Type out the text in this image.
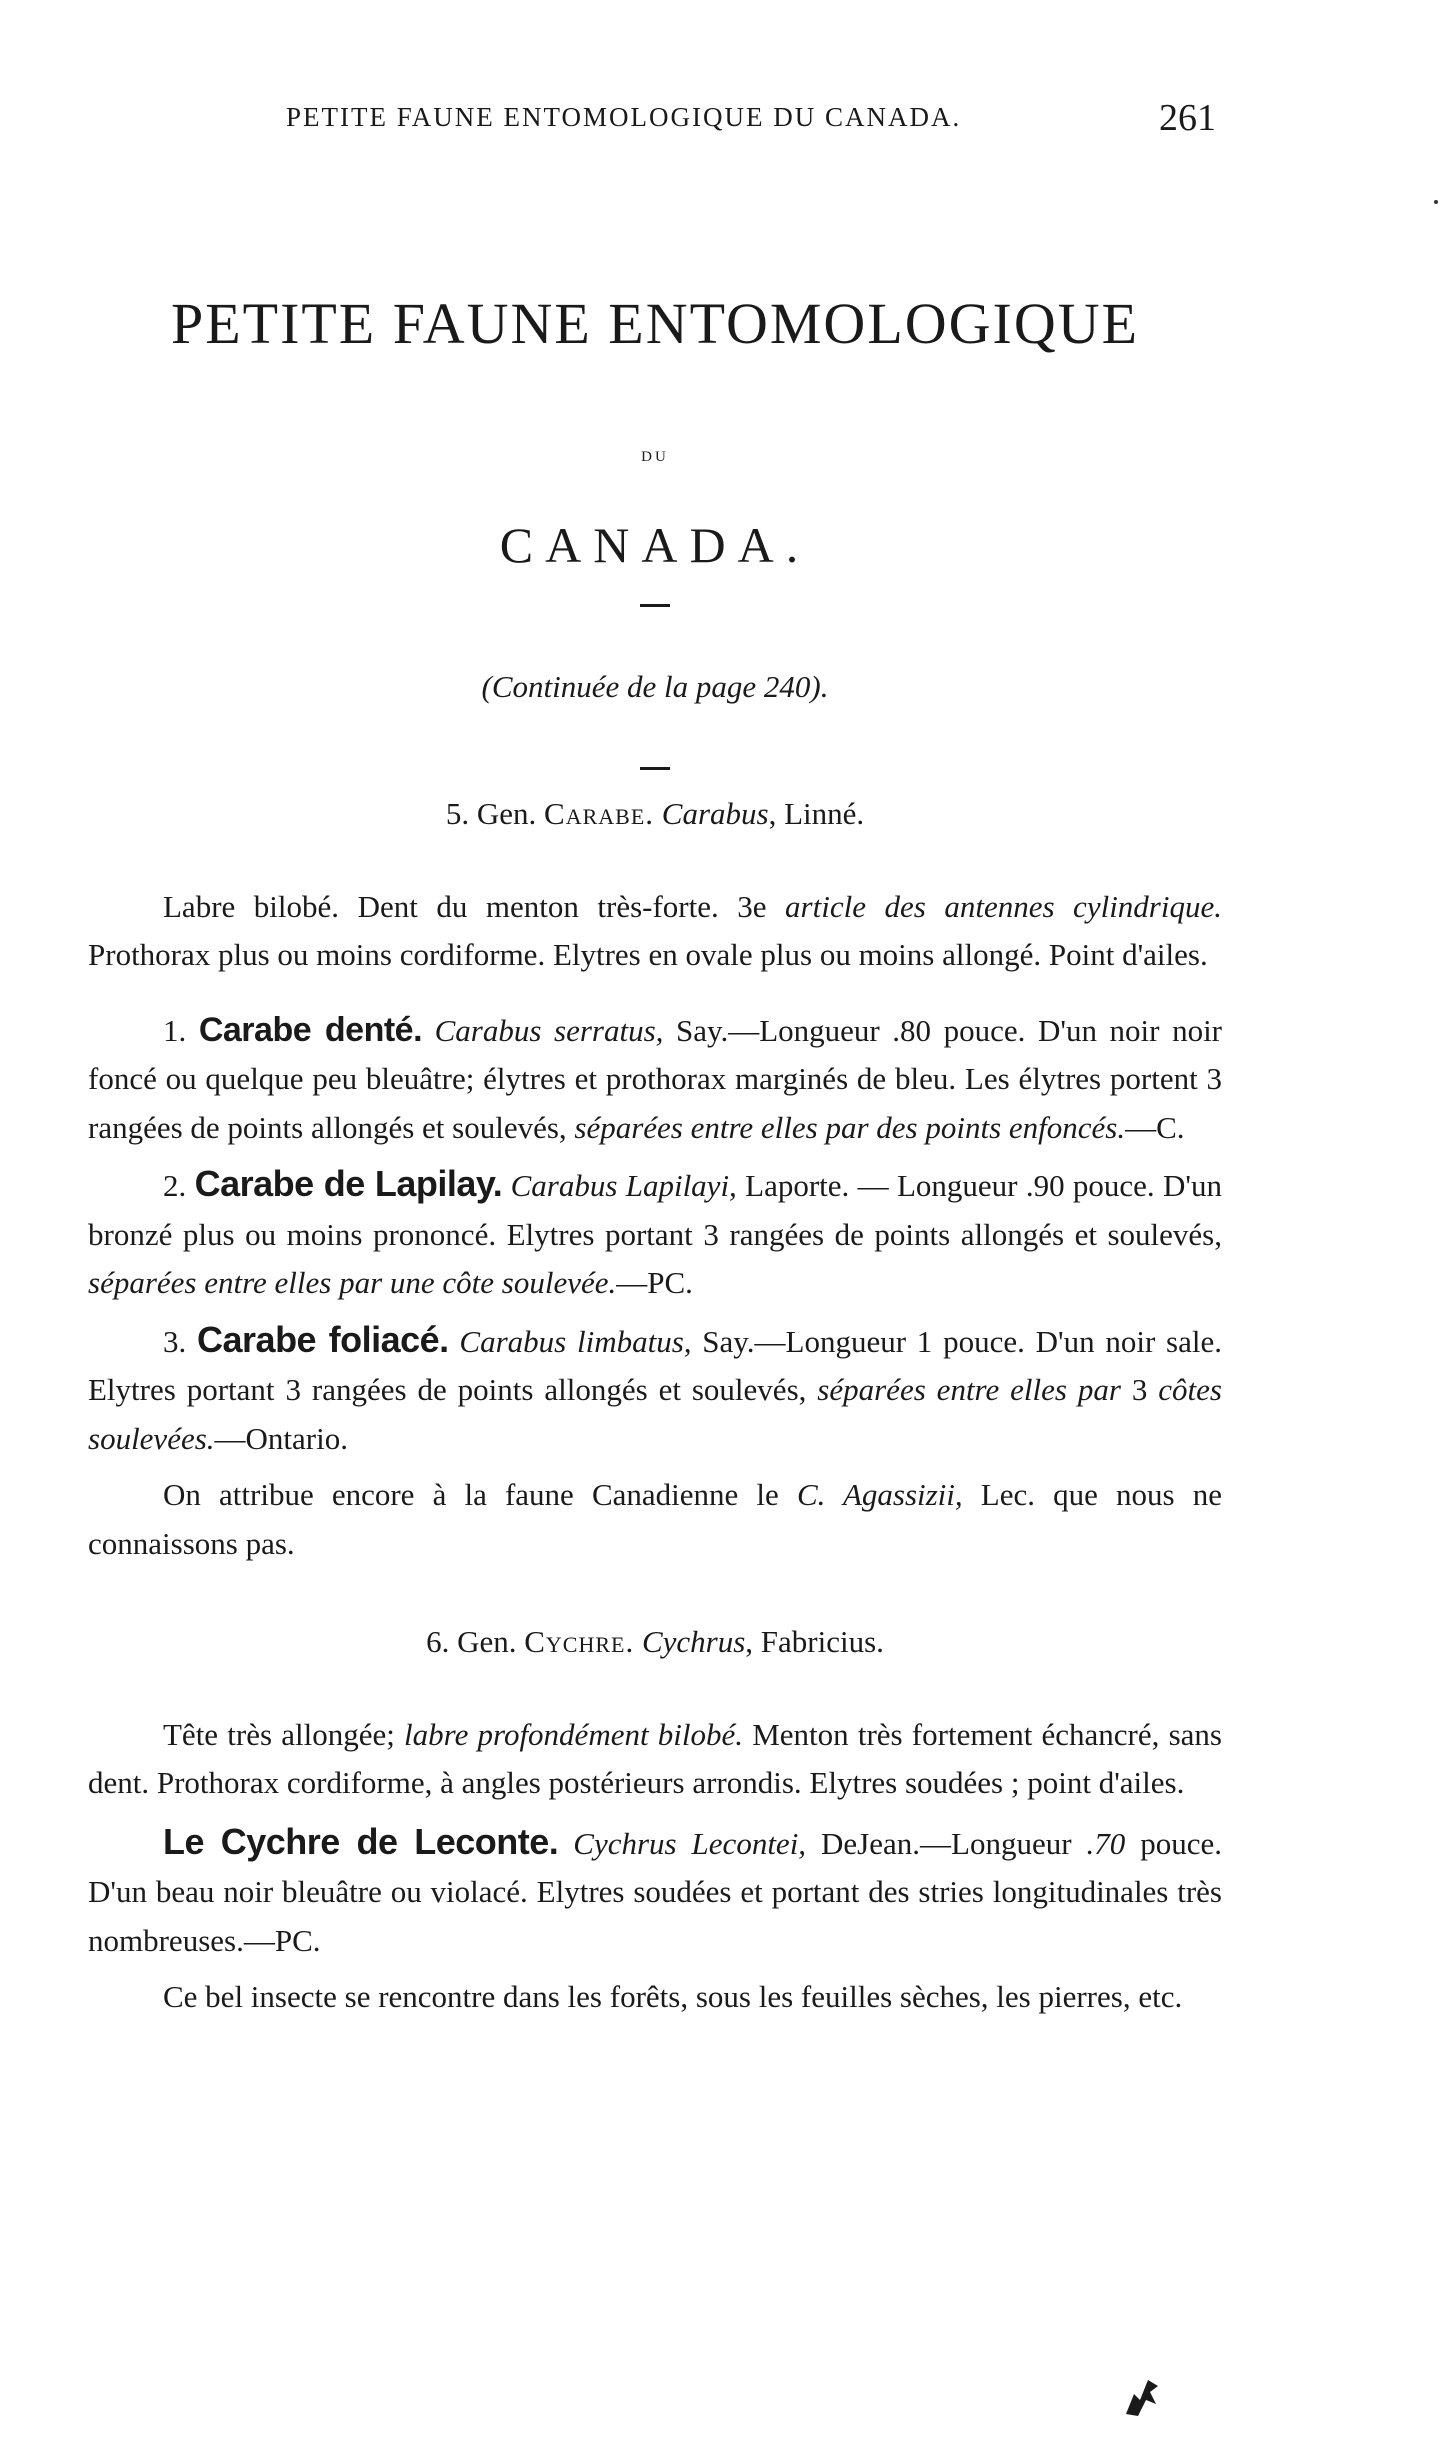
PETITE FAUNE ENTOMOLOGIQUE DU CANADA.	261
PETITE FAUNE ENTOMOLOGIQUE
DU
CANADA.
(Continuée de la page 240).
5. Gen. Carabe. Carabus, Linné.

Labre bilobé. Dent du menton très-forte. 3e article des antennes cylindrique. Prothorax plus ou moins cordiforme. Elytres en ovale plus ou moins allongé. Point d'ailes.

1. Carabe denté. Carabus serratus, Say.—Longueur .80 pouce. D'un noir noir foncé ou quelque peu bleuâtre; élytres et prothorax marginés de bleu. Les élytres portent 3 rangées de points allongés et soulevés, séparées entre elles par des points enfoncés.—C.

2. Carabe de Lapilay. Carabus Lapilayi, Laporte. — Longueur .90 pouce. D'un bronzé plus ou moins prononcé. Elytres portant 3 rangées de points allongés et soulevés, séparées entre elles par une côte soulevée.—PC.

3. Carabe foliacé. Carabus limbatus, Say.—Longueur 1 pouce. D'un noir sale. Elytres portant 3 rangées de points allongés et soulevés, séparées entre elles par 3 côtes soulevées.—Ontario.

On attribue encore à la faune Canadienne le C. Agassizii, Lec. que nous ne connaissons pas.

6. Gen. Cychre. Cychrus, Fabricius.

Tête très allongée; labre profondément bilobé. Menton très fortement échancré, sans dent. Prothorax cordiforme, à angles postérieurs arrondis. Elytres soudées ; point d'ailes.

Le Cychre de Leconte. Cychrus Lecontei, DeJean.—Longueur .70 pouce. D'un beau noir bleuâtre ou violacé. Elytres soudées et portant des stries longitudinales très nombreuses.—PC.

Ce bel insecte se rencontre dans les forêts, sous les feuilles sèches, les pierres, etc.
